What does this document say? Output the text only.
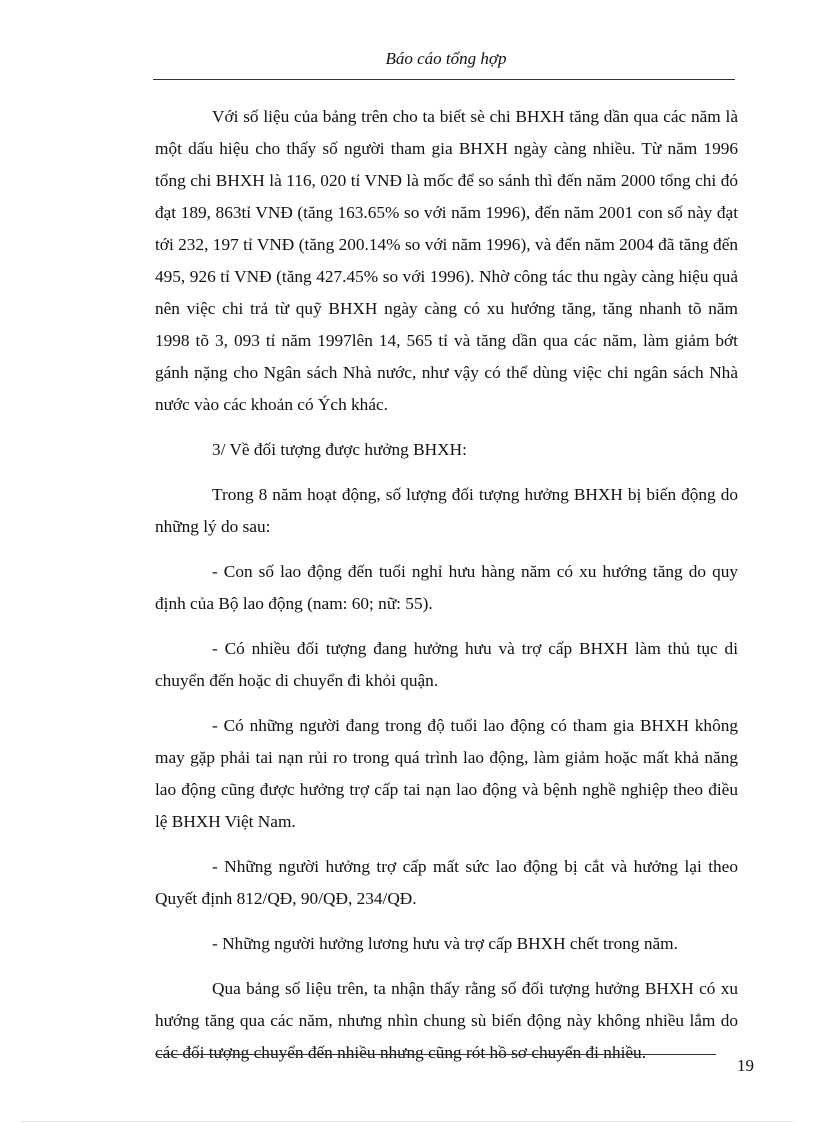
Báo cáo tổng hợp

Với số liệu của bảng trên cho ta biết sè chi BHXH tăng dần qua các năm là một dấu hiệu cho thấy số người tham gia BHXH ngày càng nhiều. Từ năm 1996 tổng chi BHXH là 116, 020 tỉ VNĐ là mốc để so sánh thì đến năm 2000 tổng chi đó đạt 189, 863tỉ VNĐ (tăng 163.65% so với năm 1996), đến năm 2001 con số này đạt tới 232, 197 tỉ VNĐ (tăng 200.14% so với năm 1996), và đến năm 2004 đã tăng đến 495, 926 tỉ VNĐ (tăng 427.45% so với 1996). Nhờ công tác thu ngày càng hiệu quả nên việc chi trả từ quỹ BHXH ngày càng có xu hướng tăng, tăng nhanh tõ năm 1998 tõ 3, 093 tỉ năm 1997lên 14, 565 tỉ và tăng dần qua các năm, làm giảm bớt gánh nặng cho Ngân sách Nhà nước, như vậy có thể dùng việc chi ngân sách Nhà nước vào các khoản có Ých khác.

3/ Về đối tượng được hưởng BHXH:

Trong 8 năm hoạt động, số lượng đối tượng hưởng BHXH bị biến động do những lý do sau:

- Con số lao động đến tuổi nghỉ hưu hàng năm có xu hướng tăng do quy định của Bộ lao động (nam: 60; nữ: 55).

- Có nhiều đối tượng đang hưởng hưu và trợ cấp BHXH làm thủ tục di chuyển đến hoặc di chuyển đi khỏi quận.

- Có những người đang trong độ tuổi lao động có tham gia BHXH không may gặp phải tai nạn rủi ro trong quá trình lao động, làm giảm hoặc mất khả năng lao động cũng được hưởng trợ cấp tai nạn lao động và bệnh nghề nghiệp theo điều lệ BHXH Việt Nam.

- Những người hưởng trợ cấp mất sức lao động bị cắt và hưởng lại theo Quyết định 812/QĐ, 90/QĐ, 234/QĐ.

- Những người hưởng lương hưu và trợ cấp BHXH chết trong năm.

Qua bảng số liệu trên, ta nhận thấy rằng số đối tượng hưởng BHXH có xu hướng tăng qua các năm, nhưng nhìn chung sù biến động này không nhiều lắm do các đối tượng chuyển đến nhiều nhưng cũng rót hồ sơ chuyển đi nhiều.

19
